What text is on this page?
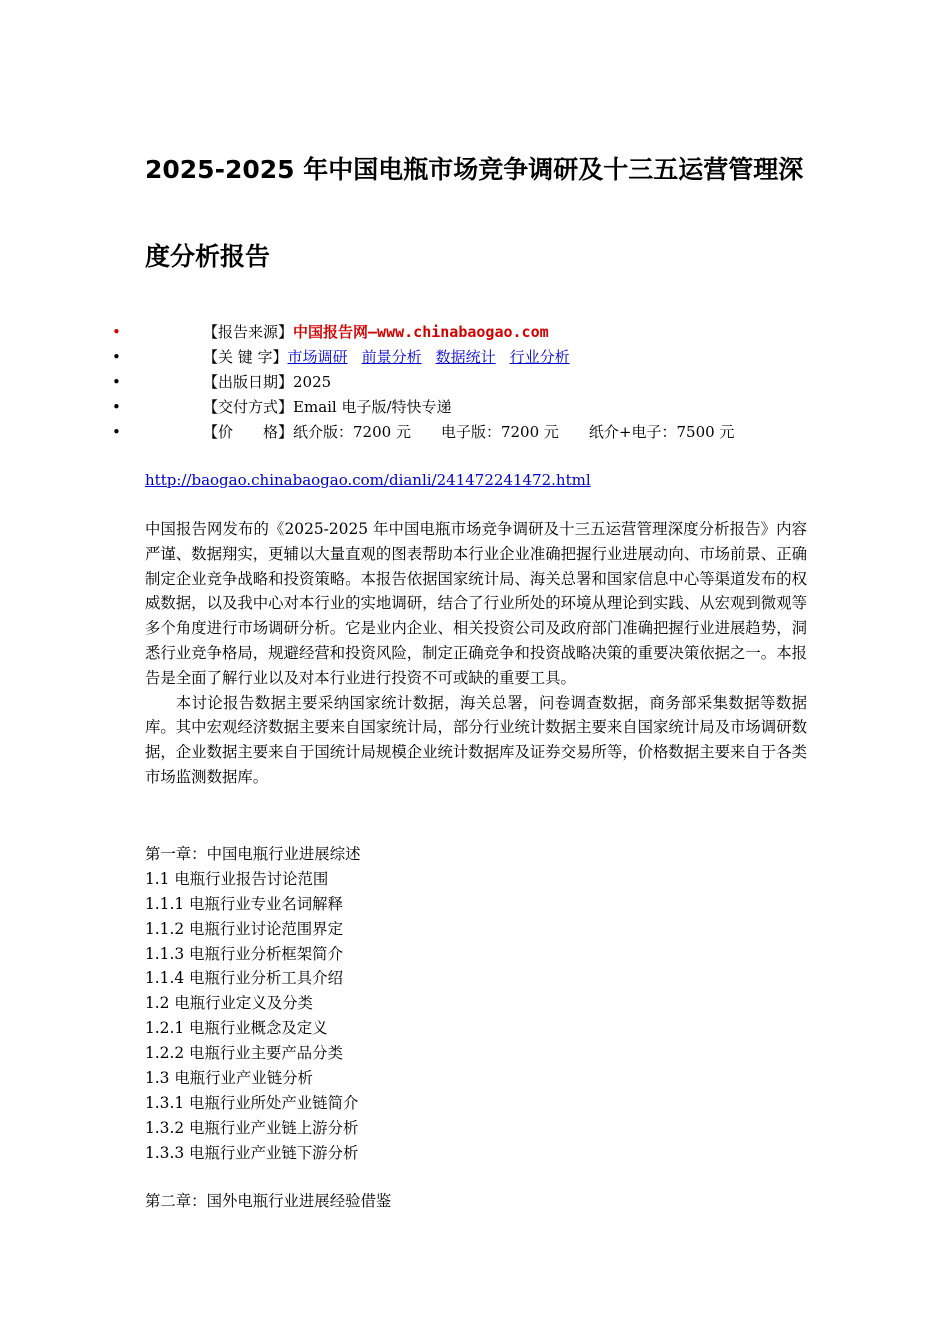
2025-2025 年中国电瓶市场竞争调研及十三五运营管理深
度分析报告
•	【报告来源】中国报告网—www.chinabaogao.com
•	【关 键 字】市场调研 前景分析 数据统计 行业分析
•	【出版日期】2025
•	【交付方式】Email 电子版/特快专递
•	【价　　格】纸介版：7200 元 电子版：7200 元 纸介+电子：7500 元
http://baogao.chinabaogao.com/dianli/241472241472.html

中国报告网发布的《2025-2025 年中国电瓶市场竞争调研及十三五运营管理深度分析报告》内容严谨、数据翔实，更辅以大量直观的图表帮助本行业企业准确把握行业进展动向、市场前景、正确制定企业竞争战略和投资策略。本报告依据国家统计局、海关总署和国家信息中心等渠道发布的权威数据，以及我中心对本行业的实地调研，结合了行业所处的环境从理论到实践、从宏观到微观等多个角度进行市场调研分析。它是业内企业、相关投资公司及政府部门准确把握行业进展趋势，洞悉行业竞争格局，规避经营和投资风险，制定正确竞争和投资战略决策的重要决策依据之一。本报告是全面了解行业以及对本行业进行投资不可或缺的重要工具。

本讨论报告数据主要采纳国家统计数据，海关总署，问卷调查数据，商务部采集数据等数据库。其中宏观经济数据主要来自国家统计局，部分行业统计数据主要来自国家统计局及市场调研数据，企业数据主要来自于国统计局规模企业统计数据库及证券交易所等，价格数据主要来自于各类市场监测数据库。

第一章：中国电瓶行业进展综述
1.1 电瓶行业报告讨论范围
1.1.1 电瓶行业专业名词解释
1.1.2 电瓶行业讨论范围界定
1.1.3 电瓶行业分析框架简介
1.1.4 电瓶行业分析工具介绍
1.2 电瓶行业定义及分类
1.2.1 电瓶行业概念及定义
1.2.2 电瓶行业主要产品分类
1.3 电瓶行业产业链分析
1.3.1 电瓶行业所处产业链简介
1.3.2 电瓶行业产业链上游分析
1.3.3 电瓶行业产业链下游分析
第二章：国外电瓶行业进展经验借鉴
